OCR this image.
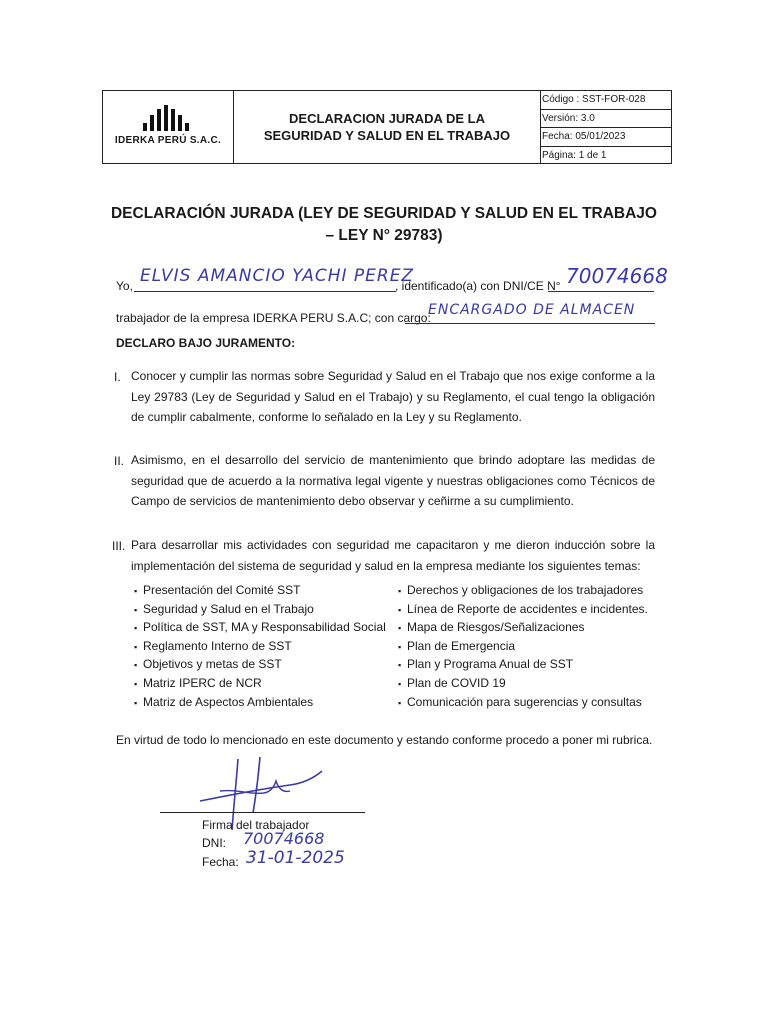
IDERKA PERÚ S.A.C.
DECLARACION JURADA DE LA SEGURIDAD Y SALUD EN EL TRABAJO
Código : SST-FOR-028
Versión: 3.0
Fecha: 05/01/2023
Página: 1 de 1
DECLARACIÓN JURADA (LEY DE SEGURIDAD Y SALUD EN EL TRABAJO – LEY N° 29783)
Yo, ELVIS AMANCIO YACHI PEREZ
, identificado(a) con DNI/CE N° 70074668
trabajador de la empresa IDERKA PERU S.A.C; con cargo:
ENCARGADO DE ALMACEN
DECLARO BAJO JURAMENTO:
I. Conocer y cumplir las normas sobre Seguridad y Salud en el Trabajo que nos exige conforme a la Ley 29783 (Ley de Seguridad y Salud en el Trabajo) y su Reglamento, el cual tengo la obligación de cumplir cabalmente, conforme lo señalado en la Ley y su Reglamento.
II. Asimismo, en el desarrollo del servicio de mantenimiento que brindo adoptare las medidas de seguridad que de acuerdo a la normativa legal vigente y nuestras obligaciones como Técnicos de Campo de servicios de mantenimiento debo observar y ceñirme a su cumplimiento.
III. Para desarrollar mis actividades con seguridad me capacitaron y me dieron inducción sobre la implementación del sistema de seguridad y salud en la empresa mediante los siguientes temas:
▪ Presentación del Comité SST
▪ Seguridad y Salud en el Trabajo
▪ Política de SST, MA y Responsabilidad Social
▪ Reglamento Interno de SST
▪ Objetivos y metas de SST
▪ Matriz IPERC de NCR
▪ Matriz de Aspectos Ambientales
▪ Derechos y obligaciones de los trabajadores
▪ Línea de Reporte de accidentes e incidentes.
▪ Mapa de Riesgos/Señalizaciones
▪ Plan de Emergencia
▪ Plan y Programa Anual de SST
▪ Plan de COVID 19
▪ Comunicación para sugerencias y consultas
En virtud de todo lo mencionado en este documento y estando conforme procedo a poner mi rubrica.
Firma del trabajador
DNI: 70074668
Fecha: 31-01-2025
